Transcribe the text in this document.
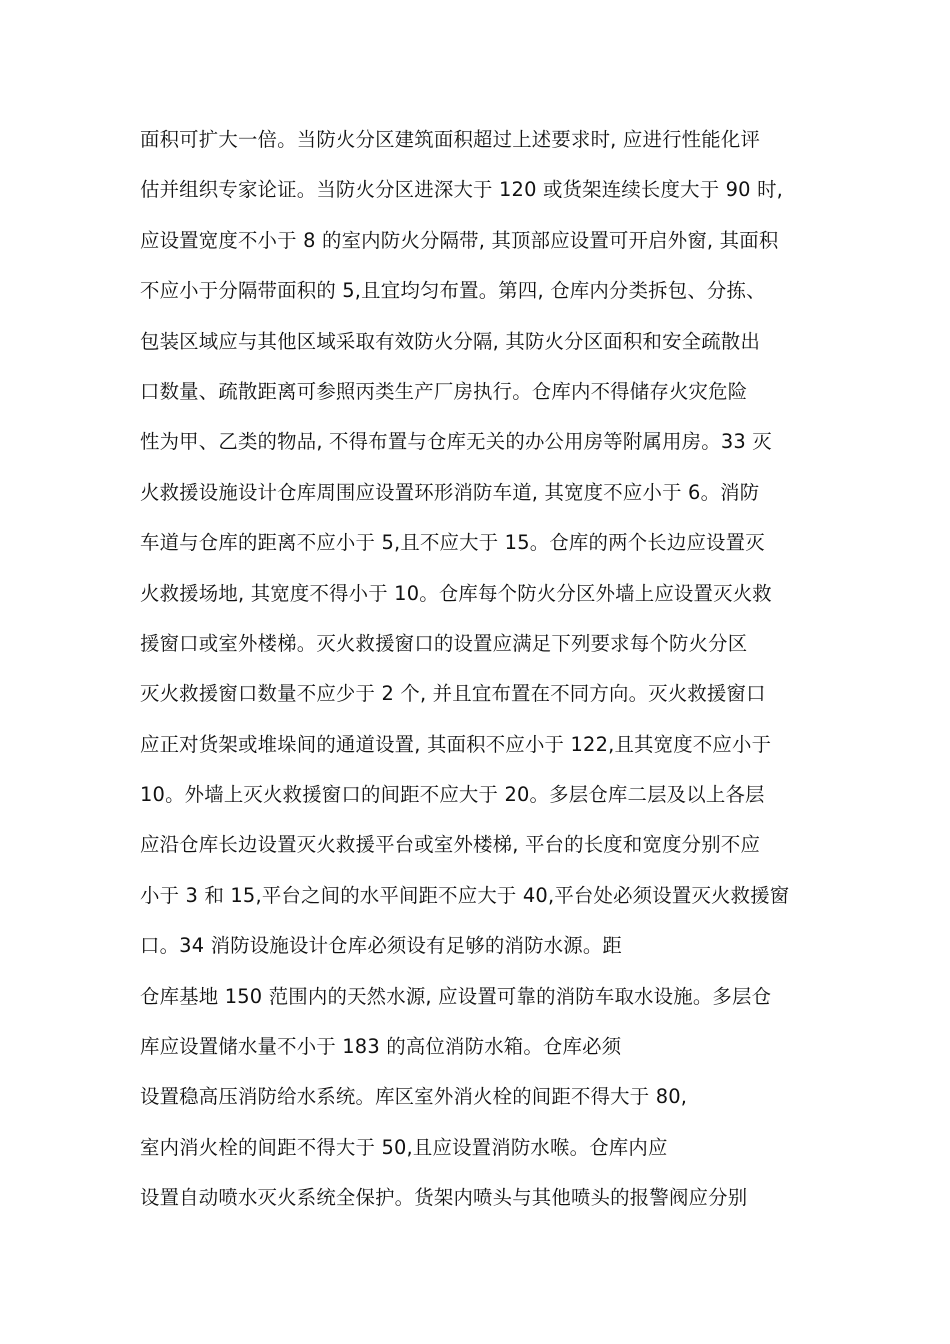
面积可扩大一倍。当防火分区建筑面积超过上述要求时, 应进行性能化评
估并组织专家论证。当防火分区进深大于 120 或货架连续长度大于 90 时,
应设置宽度不小于 8 的室内防火分隔带, 其顶部应设置可开启外窗, 其面积
不应小于分隔带面积的 5,且宜均匀布置。第四, 仓库内分类拆包、分拣、
包装区域应与其他区域采取有效防火分隔, 其防火分区面积和安全疏散出
口数量、疏散距离可参照丙类生产厂房执行。仓库内不得储存火灾危险
性为甲、乙类的物品, 不得布置与仓库无关的办公用房等附属用房。33 灭
火救援设施设计仓库周围应设置环形消防车道, 其宽度不应小于 6。消防
车道与仓库的距离不应小于 5,且不应大于 15。仓库的两个长边应设置灭
火救援场地, 其宽度不得小于 10。仓库每个防火分区外墙上应设置灭火救
援窗口或室外楼梯。灭火救援窗口的设置应满足下列要求每个防火分区
灭火救援窗口数量不应少于 2 个, 并且宜布置在不同方向。灭火救援窗口
应正对货架或堆垛间的通道设置, 其面积不应小于 122,且其宽度不应小于
10。外墙上灭火救援窗口的间距不应大于 20。多层仓库二层及以上各层
应沿仓库长边设置灭火救援平台或室外楼梯, 平台的长度和宽度分别不应
小于 3 和 15,平台之间的水平间距不应大于 40,平台处必须设置灭火救援窗
口。34 消防设施设计仓库必须设有足够的消防水源。距
仓库基地 150 范围内的天然水源, 应设置可靠的消防车取水设施。多层仓
库应设置储水量不小于 183 的高位消防水箱。仓库必须
设置稳高压消防给水系统。库区室外消火栓的间距不得大于 80,
室内消火栓的间距不得大于 50,且应设置消防水喉。仓库内应
设置自动喷水灭火系统全保护。货架内喷头与其他喷头的报警阀应分别
